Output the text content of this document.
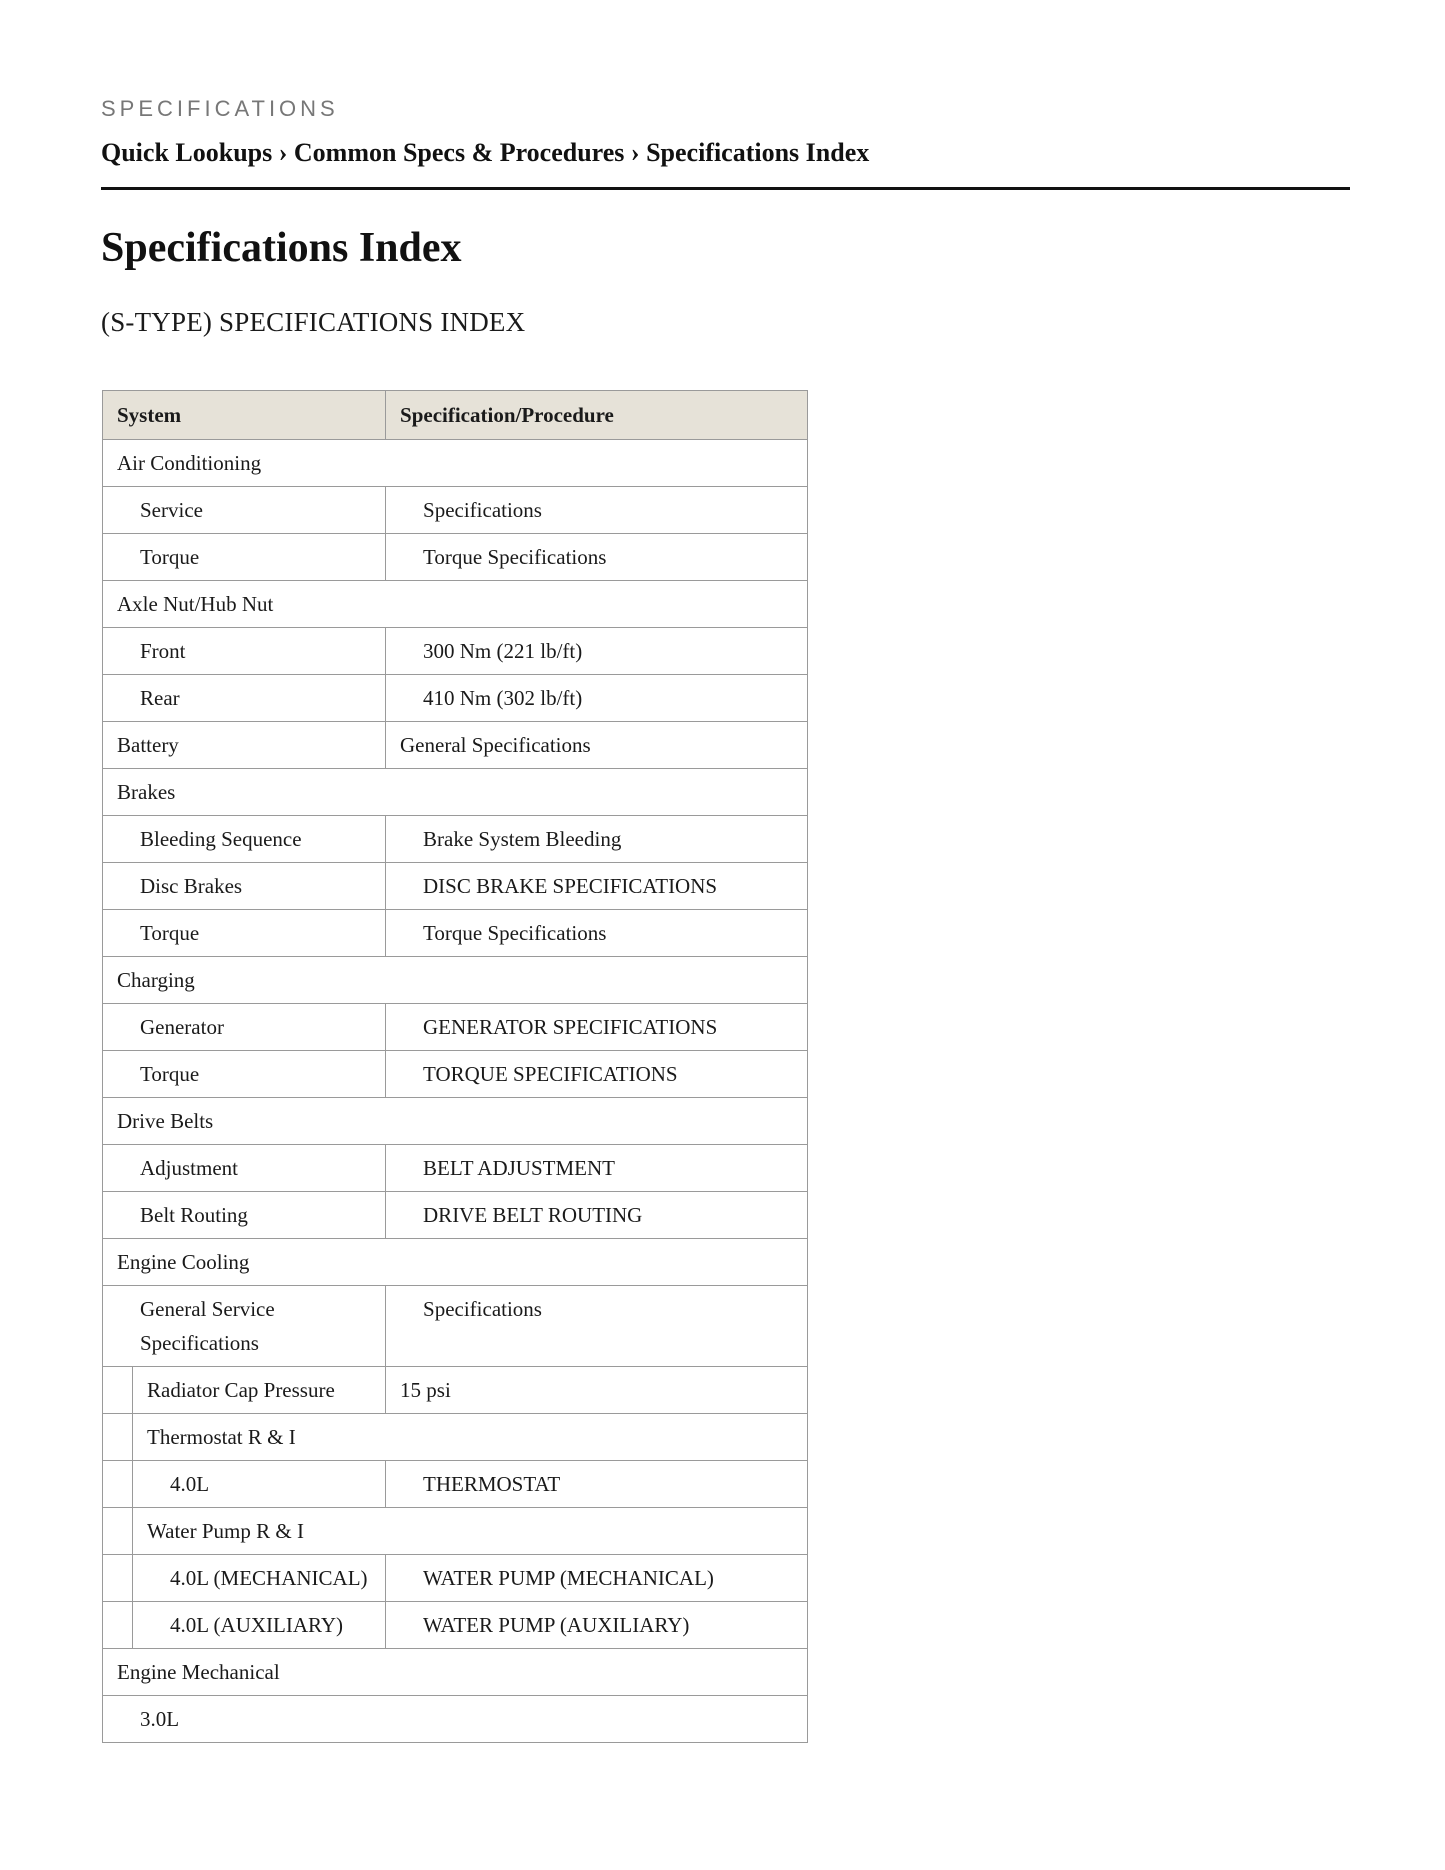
SPECIFICATIONS
Quick Lookups › Common Specs & Procedures › Specifications Index
Specifications Index
(S-TYPE) SPECIFICATIONS INDEX
System		Specification/Procedure
Air Conditioning		
Service		Specifications
Torque		Torque Specifications
Axle Nut/Hub Nut		
Front		300 Nm (221 lb/ft)
Rear		410 Nm (302 lb/ft)
Battery		General Specifications
Brakes		
Bleeding Sequence		Brake System Bleeding
Disc Brakes		DISC BRAKE SPECIFICATIONS
Torque		Torque Specifications
Charging		
Generator		GENERATOR SPECIFICATIONS
Torque		TORQUE SPECIFICATIONS
Drive Belts		
Adjustment		BELT ADJUSTMENT
Belt Routing		DRIVE BELT ROUTING
Engine Cooling		
General Service Specifications		Specifications
	Radiator Cap Pressure	15 psi
	Thermostat R & I	
	4.0L	THERMOSTAT
	Water Pump R & I	
	4.0L (MECHANICAL)	WATER PUMP (MECHANICAL)
	4.0L (AUXILIARY)	WATER PUMP (AUXILIARY)
Engine Mechanical		
3.0L		
